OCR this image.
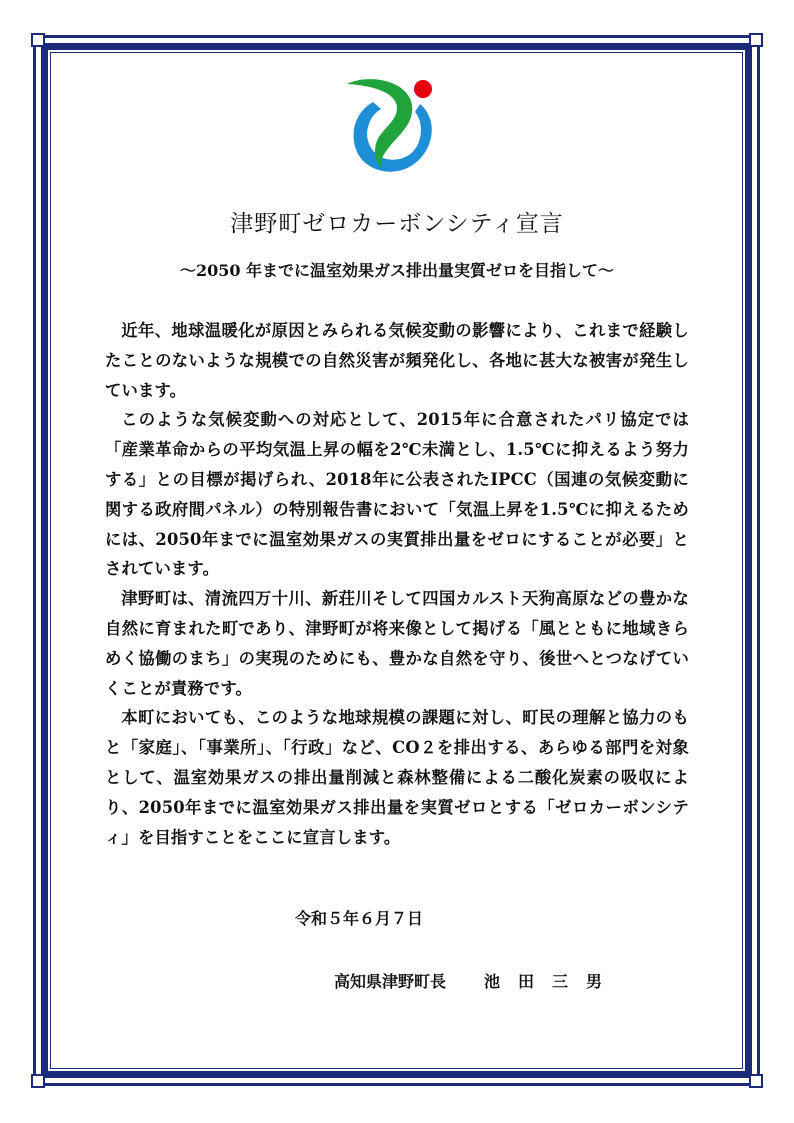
津野町ゼロカーボンシティ宣言
～2050 年までに温室効果ガス排出量実質ゼロを目指して～

近年、地球温暖化が原因とみられる気候変動の影響により、これまで経験したことのないような規模での自然災害が頻発化し、各地に甚大な被害が発生しています。

このような気候変動への対応として、2015年に合意されたパリ協定では「産業革命からの平均気温上昇の幅を2℃未満とし、1.5℃に抑えるよう努力する」との目標が掲げられ、2018年に公表されたIPCC（国連の気候変動に関する政府間パネル）の特別報告書において「気温上昇を1.5℃に抑えるためには、2050年までに温室効果ガスの実質排出量をゼロにすることが必要」とされています。

津野町は、清流四万十川、新荘川そして四国カルスト天狗高原などの豊かな自然に育まれた町であり、津野町が将来像として掲げる「風とともに地域きらめく協働のまち」の実現のためにも、豊かな自然を守り、後世へとつなげていくことが責務です。

本町においても、このような地球規模の課題に対し、町民の理解と協力のもと「家庭」、「事業所」、「行政」など、CO２を排出する、あらゆる部門を対象として、温室効果ガスの排出量削減と森林整備による二酸化炭素の吸収により、2050年までに温室効果ガス排出量を実質ゼロとする「ゼロカーボンシティ」を目指すことをここに宣言します。

令和５年６月７日
高知県津野町長 池田三男
